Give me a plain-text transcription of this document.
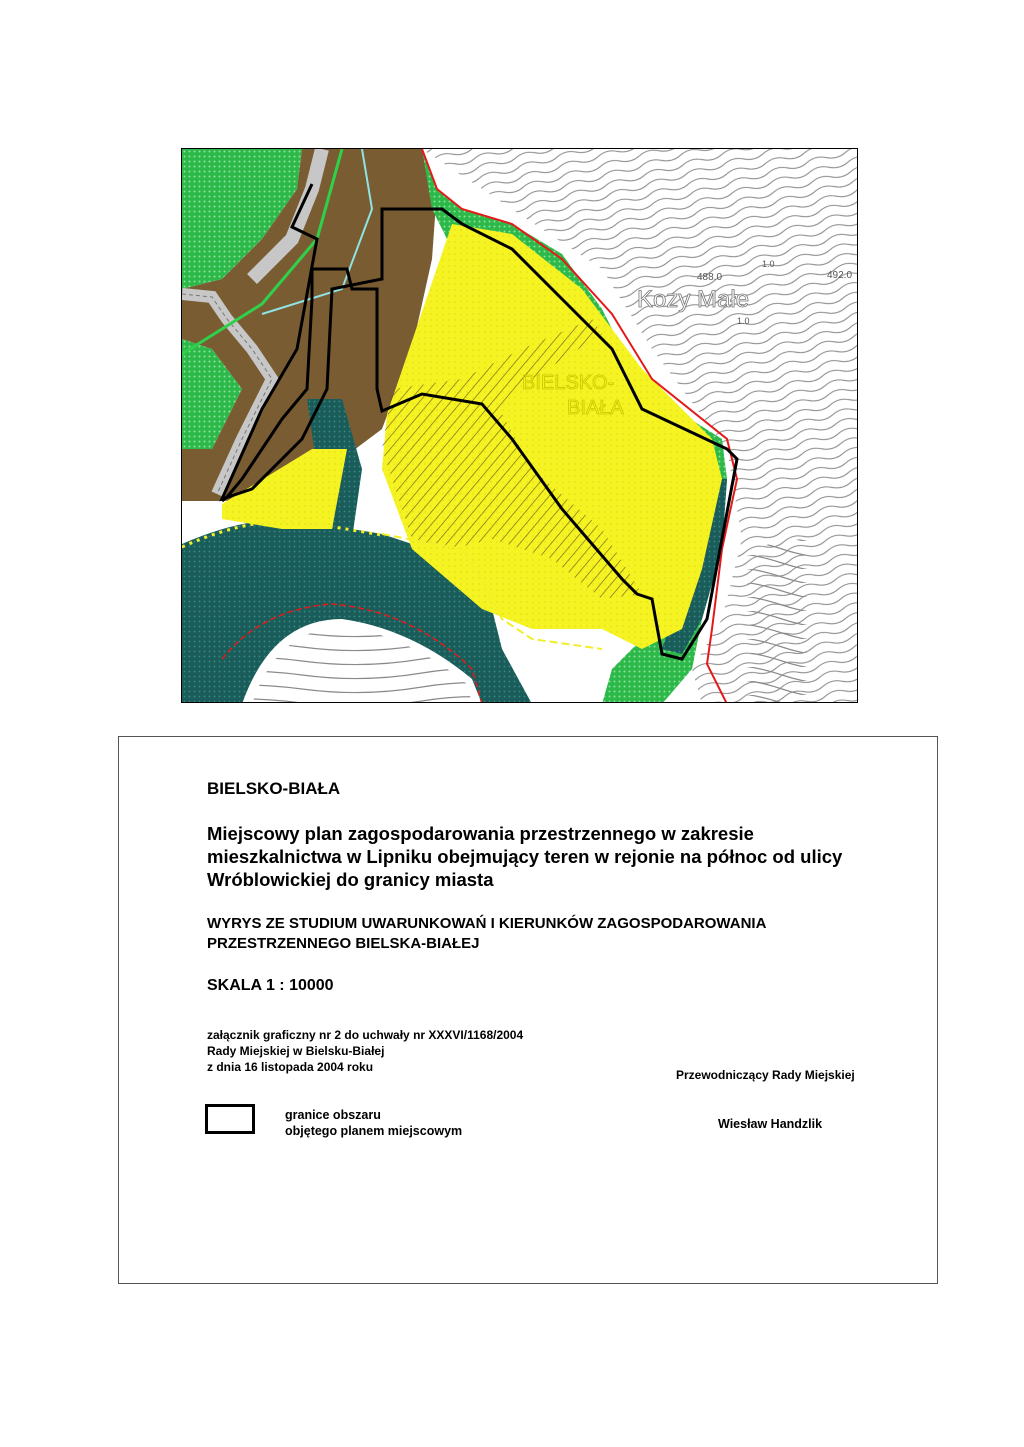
Kozy Małe
BIELSKO-
BIAŁA
488.0	492.0
1.0
1.0
BIELSKO-BIAŁA
Miejscowy plan zagospodarowania przestrzennego w zakresie mieszkalnictwa w Lipniku obejmujący teren w rejonie na północ od ulicy Wróblowickiej do granicy miasta
WYRYS ZE STUDIUM UWARUNKOWAŃ I KIERUNKÓW ZAGOSPODAROWANIA PRZESTRZENNEGO BIELSKA-BIAŁEJ
SKALA 1 : 10000
załącznik graficzny nr 2 do uchwały nr XXXVI/1168/2004
Rady Miejskiej w Bielsku-Białej
z dnia 16 listopada 2004 roku
Przewodniczący Rady Miejskiej
Wiesław Handzlik
granice obszaru
objętego planem miejscowym
